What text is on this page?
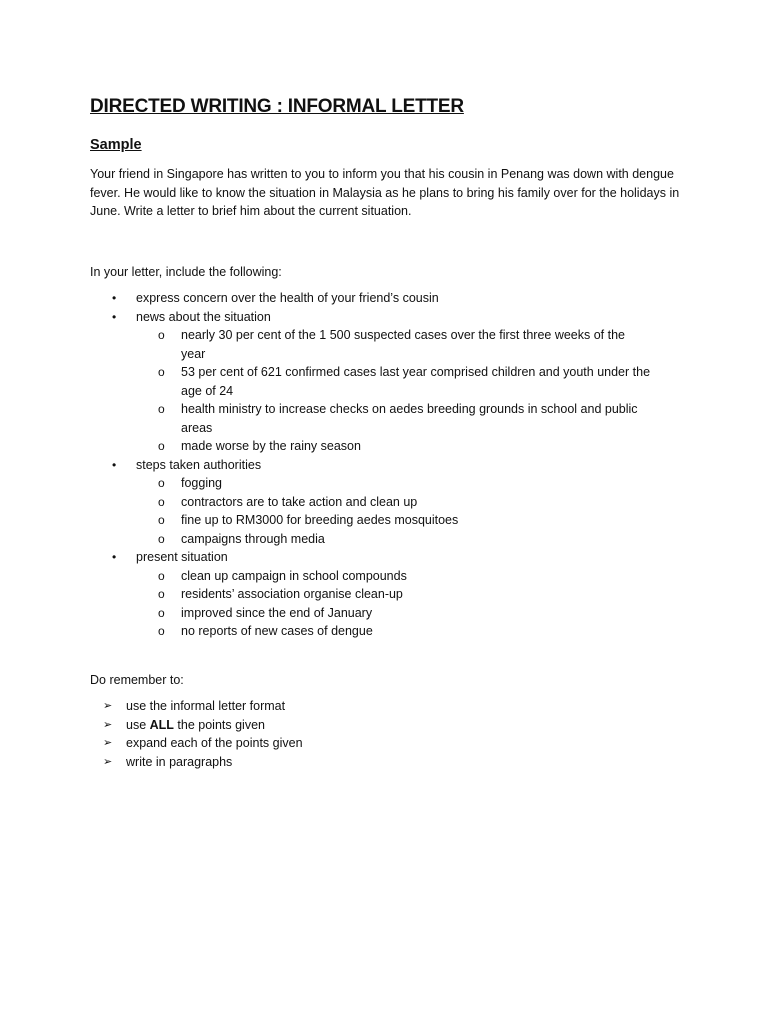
DIRECTED WRITING : INFORMAL LETTER
Sample

Your friend in Singapore has written to you to inform you that his cousin in Penang was down with dengue fever. He would like to know the situation in Malaysia as he plans to bring his family over for the holidays in June. Write a letter to brief him about the current situation.

In your letter, include the following:

• express concern over the health of your friend’s cousin
• news about the situation
o nearly 30 per cent of the 1 500 suspected cases over the first three weeks of the year
o 53 per cent of 621 confirmed cases last year comprised children and youth under the age of 24
o health ministry to increase checks on aedes breeding grounds in school and public areas
o made worse by the rainy season
• steps taken authorities
o fogging
o contractors are to take action and clean up
o fine up to RM3000 for breeding aedes mosquitoes
o campaigns through media
• present situation
o clean up campaign in school compounds
o residents’ association organise clean-up
o improved since the end of January
o no reports of new cases of dengue

Do remember to:

➢ use the informal letter format
➢ use ALL the points given
➢ expand each of the points given
➢ write in paragraphs
